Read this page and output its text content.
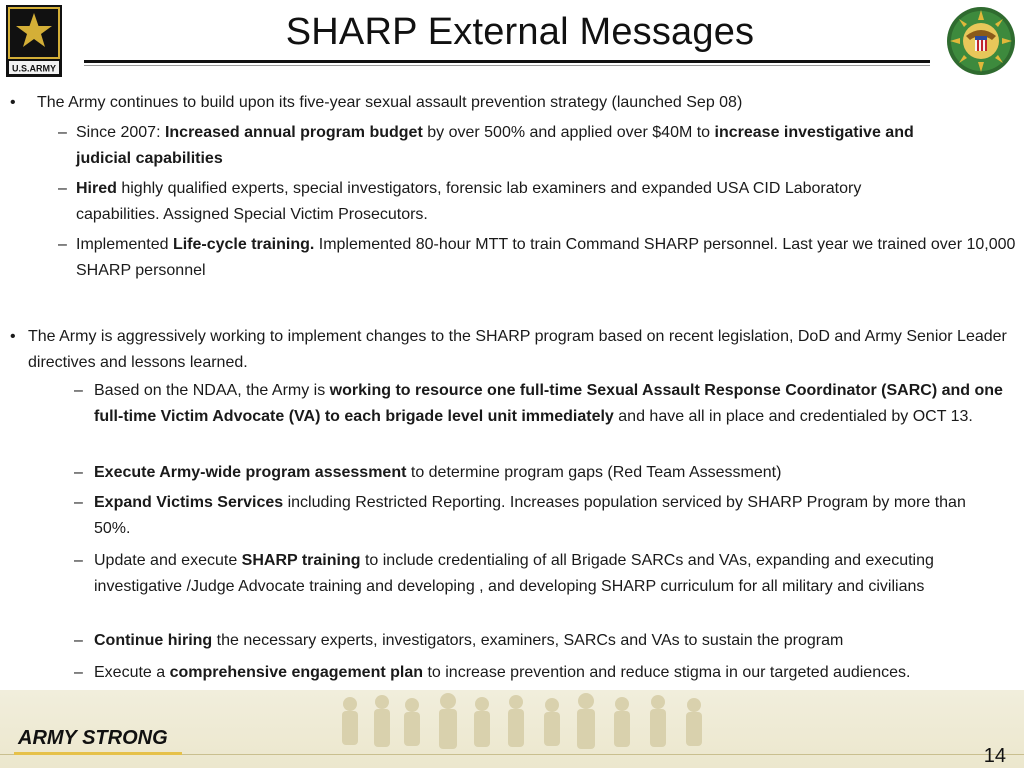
U.S.ARMY
SHARP External Messages
• The Army continues to build upon its five-year sexual assault prevention strategy (launched Sep 08)
– Since 2007: Increased annual program budget by over 500% and applied over $40M to increase investigative and judicial capabilities
– Hired highly qualified experts, special investigators, forensic lab examiners and expanded USA CID Laboratory capabilities. Assigned Special Victim Prosecutors.
– Implemented Life-cycle training. Implemented 80-hour MTT to train Command SHARP personnel. Last year we trained over 10,000 SHARP personnel
• The Army is aggressively working to implement changes to the SHARP program based on recent legislation, DoD and Army Senior Leader directives and lessons learned.
– Based on the NDAA, the Army is working to resource one full-time Sexual Assault Response Coordinator (SARC) and one full-time Victim Advocate (VA) to each brigade level unit immediately and have all in place and credentialed by OCT 13.
– Execute Army-wide program assessment to determine program gaps (Red Team Assessment)
– Expand Victims Services including Restricted Reporting. Increases population serviced by SHARP Program by more than 50%.
– Update and execute SHARP training to include credentialing of all Brigade SARCs and VAs, expanding and executing investigative /Judge Advocate training and developing , and developing SHARP curriculum for all military and civilians
– Continue hiring the necessary experts, investigators, examiners, SARCs and VAs to sustain the program
– Execute a comprehensive engagement plan to increase prevention and reduce stigma in our targeted audiences.
ARMY STRONG
14
